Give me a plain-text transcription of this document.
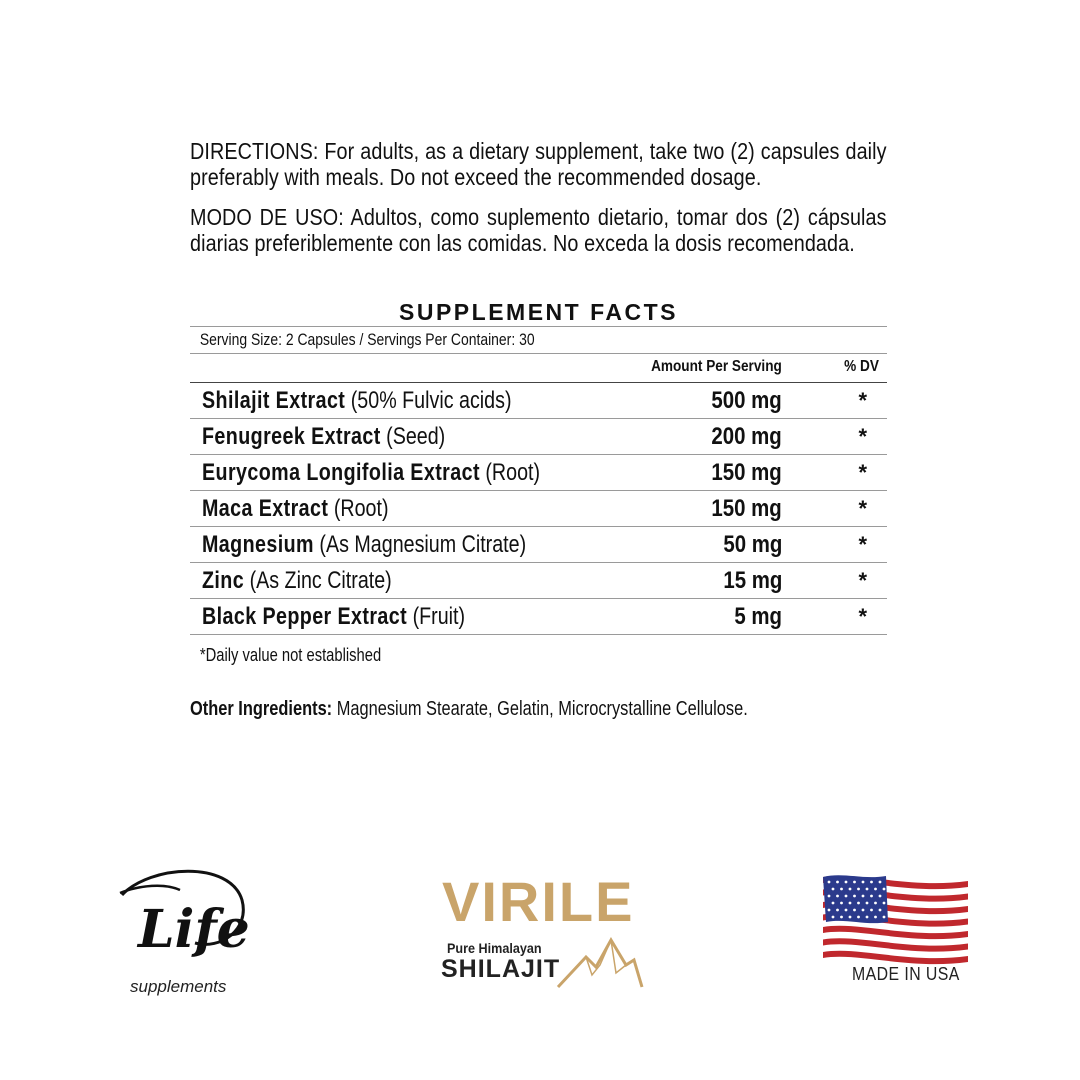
DIRECTIONS: For adults, as a dietary supplement, take two (2) capsules daily preferably with meals. Do not exceed the recommended dosage.

MODO DE USO: Adultos, como suplemento dietario, tomar dos (2) cápsulas diarias preferiblemente con las comidas. No exceda la dosis recomendada.

SUPPLEMENT FACTS
Serving Size: 2 Capsules / Servings Per Container: 30
Amount Per Serving	% DV
Shilajit Extract (50% Fulvic acids)	500 mg	*
Fenugreek Extract (Seed)	200 mg	*
Eurycoma Longifolia Extract (Root)	150 mg	*
Maca Extract (Root)	150 mg	*
Magnesium (As Magnesium Citrate)	50 mg	*
Zinc (As Zinc Citrate)	15 mg	*
Black Pepper Extract (Fruit)	5 mg	*
*Daily value not established
Other Ingredients: Magnesium Stearate, Gelatin, Microcrystalline Cellulose.
Life
supplements
VIRILE
Pure Himalayan
SHILAJIT	MADE IN USA
